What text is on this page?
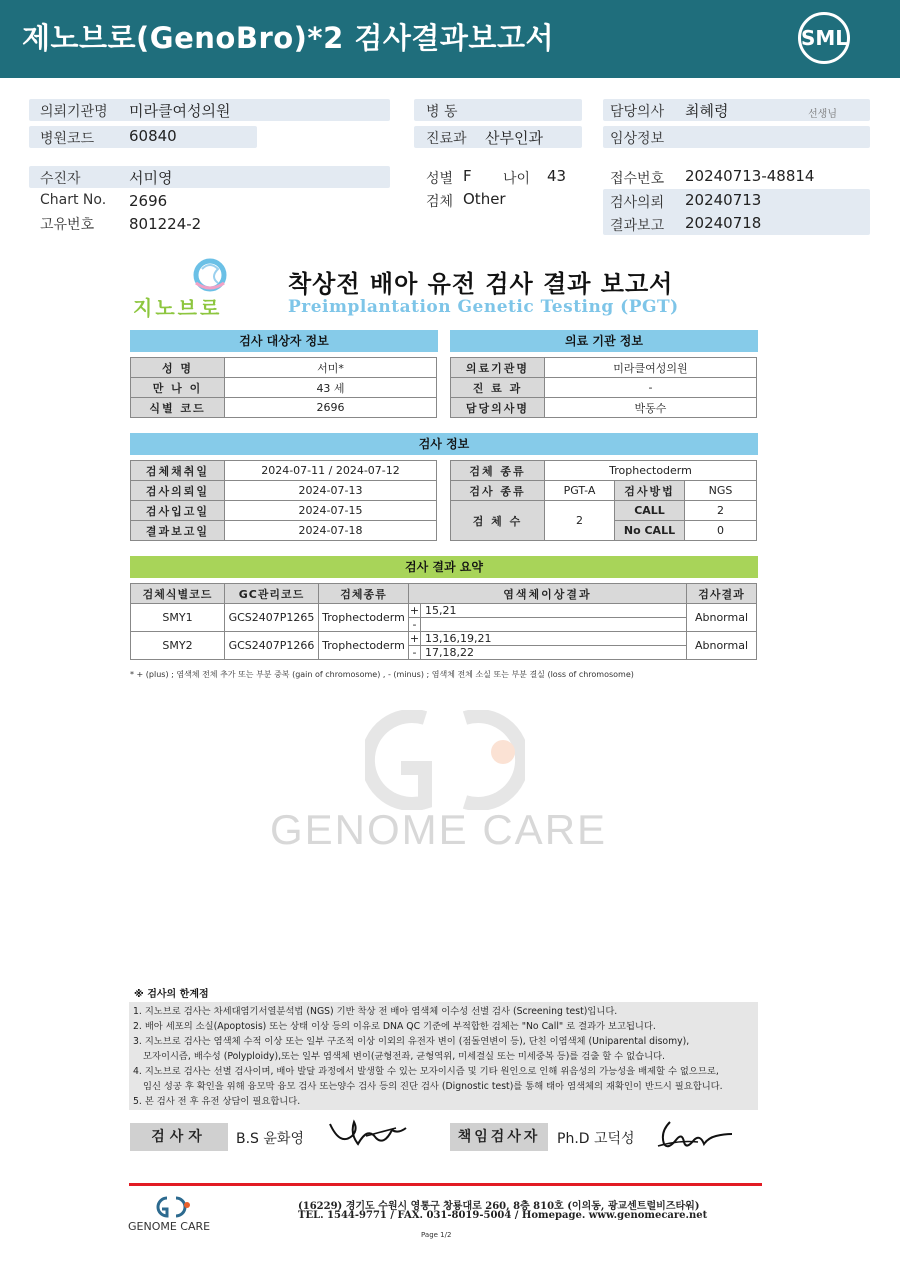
제노브로(GenoBro)*2 검사결과보고서	SML
의뢰기관명 미라클여성의원
병원코드 60840
병 동
진료과 산부인과
담당의사 최혜령	선생님
임상정보
수진자	서미영
Chart No. 2696
고유번호 801224-2
성별 F 나이 43
검체 Other
접수번호 20240713-48814
검사의뢰 20240713
결과보고 20240718
지노브로
착상전 배아 유전 검사 결과 보고서
Preimplantation Genetic Testing (PGT)
검사 대상자 정보	의료 기관 정보
성 명	서미*
만 나 이	43 세
식별 코드	2696
의료기관명	미라클여성의원
진 료 과	-
담당의사명	박동수
검사 정보
검체채취일	2024-07-11 / 2024-07-12
검사의뢰일	2024-07-13
검사입고일	2024-07-15
결과보고일	2024-07-18
검체 종류	Trophectoderm		
검사 종류	PGT-A	검사방법	NGS
검 체 수	2	CALL	2
		No CALL	0
검사 결과 요약
검체식별코드	GC관리코드	검체종류	염색체이상결과		검사결과
SMY1	GCS2407P1265	Trophectoderm	+	15,21	Abnormal
			-		
SMY2	GCS2407P1266	Trophectoderm	+	13,16,19,21	Abnormal
			-	17,18,22	
* + (plus) ; 염색체 전체 추가 또는 부분 중복 (gain of chromosome) , - (minus) ; 염색체 전체 소실 또는 부분 결실 (loss of chromosome)
GENOME CARE
※ 검사의 한계점
1. 지노브로 검사는 차세대염기서열분석법 (NGS) 기반 착상 전 배아 염색체 이수성 선별 검사 (Screening test)입니다.
2. 배아 세포의 소실(Apoptosis) 또는 상태 이상 등의 이유로 DNA QC 기준에 부적합한 검체는 "No Call" 로 결과가 보고됩니다.
3. 지노브로 검사는 염색체 수적 이상 또는 일부 구조적 이상 이외의 유전자 변이 (점돌연변이 등), 단친 이염색체 (Uniparental disomy),
모자이시즘, 배수성 (Polyploidy),또는 일부 염색체 변이(균형전좌, 균형역위, 미세결실 또는 미세중복 등)를 검출 할 수 없습니다.
4. 지노브로 검사는 선별 검사이며, 배아 발달 과정에서 발생할 수 있는 모자이시즘 및 기타 원인으로 인해 위음성의 가능성을 배제할 수 없으므로,
임신 성공 후 확인을 위해 융모막 융모 검사 또는양수 검사 등의 진단 검사 (Dignostic test)를 통해 태아 염색체의 재확인이 반드시 필요합니다.
5. 본 검사 전 후 유전 상담이 필요합니다.
검사자	B.S 윤화영	책임검사자	Ph.D 고덕성
GENOME CARE
(16229) 경기도 수원시 영통구 창룡대로 260, 8층 810호 (이의동, 광교센트럴비즈타워)
TEL. 1544-9771 / FAX. 031-8019-5004 / Homepage. www.genomecare.net
Page 1/2
